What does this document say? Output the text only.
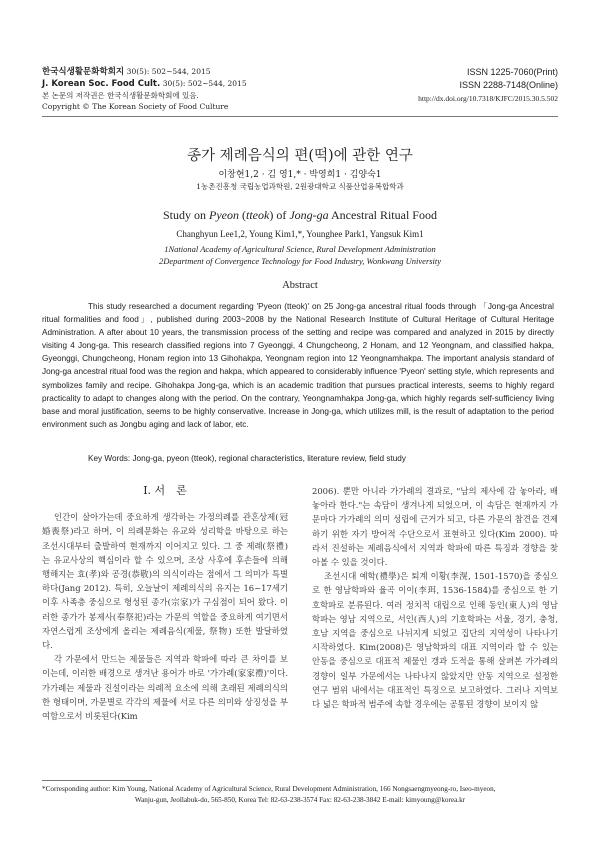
한국식생활문화학회지 30(5): 502~544, 2015
J. Korean Soc. Food Cult. 30(5): 502~544, 2015
본 논문의 저작권은 한국식생활문화학회에 있음.
Copyright © The Korean Society of Food Culture
ISSN 1225-7060(Print)
ISSN 2288-7148(Online)
http://dx.doi.org/10.7318/KJFC/2015.30.5.502
종가 제례음식의 편(떡)에 관한 연구
이창현1,2 · 김 영1,* · 박영희1 · 김양숙1
1농촌진흥청 국립농업과학원, 2원광대학교 식품산업융복합학과
Study on Pyeon (tteok) of Jong-ga Ancestral Ritual Food
Changhyun Lee1,2, Young Kim1,*, Younghee Park1, Yangsuk Kim1
1National Academy of Agricultural Science, Rural Development Administration
2Department of Convergence Technology for Food Industry, Wonkwang University
Abstract
This study researched a document regarding 'Pyeon (tteok)' on 25 Jong-ga ancestral ritual foods through 「Jong-ga Ancestral ritual formalities and food」, published during 2003~2008 by the National Research Institute of Cultural Heritage of Cultural Heritage Administration. A after about 10 years, the transmission process of the setting and recipe was compared and analyzed in 2015 by directly visiting 4 Jong-ga. This research classified regions into 7 Gyeonggi, 4 Chungcheong, 2 Honam, and 12 Yeongnam, and classified hakpa, Gyeonggi, Chungcheong, Honam region into 13 Gihohakpa, Yeongnam region into 12 Yeongnamhakpa. The important analysis standard of Jong-ga ancestral ritual food was the region and hakpa, which appeared to considerably influence 'Pyeon' setting style, which represents and symbolizes family and recipe. Gihohakpa Jong-ga, which is an academic tradition that pursues practical interests, seems to highly regard practicality to adapt to changes along with the period. On the contrary, Yeongnamhakpa Jong-ga, which highly regards self-sufficiency living base and moral justification, seems to be highly conservative. Increase in Jong-ga, which utilizes mill, is the result of adaptation to the period environment such as Jongbu aging and lack of labor, etc.
Key Words: Jong-ga, pyeon (tteok), regional characteristics, literature review, field study
I. 서　론

인간이 살아가는데 중요하게 생각하는 가정의례를 관혼상제(冠婚喪祭)라고 하며, 이 의례문화는 유교와 성리학을 바탕으로 하는 조선시대부터 출발하여 현재까지 이어지고 있다. 그 중 제례(祭禮)는 유교사상의 핵심이라 할 수 있으며, 조상 사후에 후손들에 의해 행해지는 효(孝)와 공경(恭敬)의 의식이라는 점에서 그 의미가 특별하다(Jang 2012). 특히, 오늘날이 제례의식의 유지는 16~17세기 이후 사족층 중심으로 형성된 종가(宗家)가 구심점이 되어 왔다. 이러한 종가가 봉제사(奉祭祀)라는 가문의 역할을 중요하게 여기면서 자연스럽게 조상에게 올리는 제례음식(제물, 祭物) 또한 발달하였다.

각 가문에서 만드는 제물들은 지역과 학파에 따라 큰 차이를 보이는데, 이러한 배경으로 생겨난 용어가 바로 '가가례(家家禮)'이다. 가가례는 제물과 진설이라는 의례적 요소에 의해 초래된 제례의식의 한 형태이며, 가문별로 각각의 제물에 서로 다른 의미와 상징성을 부여함으로서 비롯된다(Kim

2006). 뿐만 아니라 가가례의 결과로, "남의 제사에 감 놓아라, 배 놓아라 한다."는 속담이 생겨나게 되었으며, 이 속담은 현재까지 가문마다 가가례의 의미 성립에 근거가 되고, 다른 가문의 참견을 견제하기 위한 자기 방어적 수단으로서 표현하고 있다(Kim 2000). 따라서 진설하는 제례음식에서 지역과 학파에 따른 특징과 경향을 찾아볼 수 있을 것이다.

조선시대 예학(禮學)은 퇴계 이황(李滉, 1501-1570)을 중심으로 한 영남학파와 율곡 이이(李珥, 1536-1584)를 중심으로 한 기호학파로 분류된다. 여러 정치적 대립으로 인해 동인(東人)의 영남학파는 영남 지역으로, 서인(西人)의 기호학파는 서울, 경기, 충청, 호남 지역을 중심으로 나뉘지게 되었고 집단의 지역성이 나타나기 시작하였다. Kim(2008)은 영남학파의 대표 지역이라 할 수 있는 안동을 중심으로 대표적 제물인 갱과 도적을 통해 살펴본 가가례의 경향이 일부 가문에서는 나타나지 않았지만 안동 지역으로 설정한 연구 범위 내에서는 대표적인 특징으로 보고하였다. 그러나 지역보다 넓은 학파적 범주에 속할 경우에는 공통된 경향이 보이지 않

*Corresponding author: Kim Young, National Academy of Agricultural Science, Rural Development Administration, 166 Nongsaengmyeong-ro, Iseo-myeon,
Wanju-gun, Jeollabuk-do, 565-850, Korea Tel: 82-63-238-3574 Fax: 82-63-238-3842 E-mail: kimyoung@korea.kr
